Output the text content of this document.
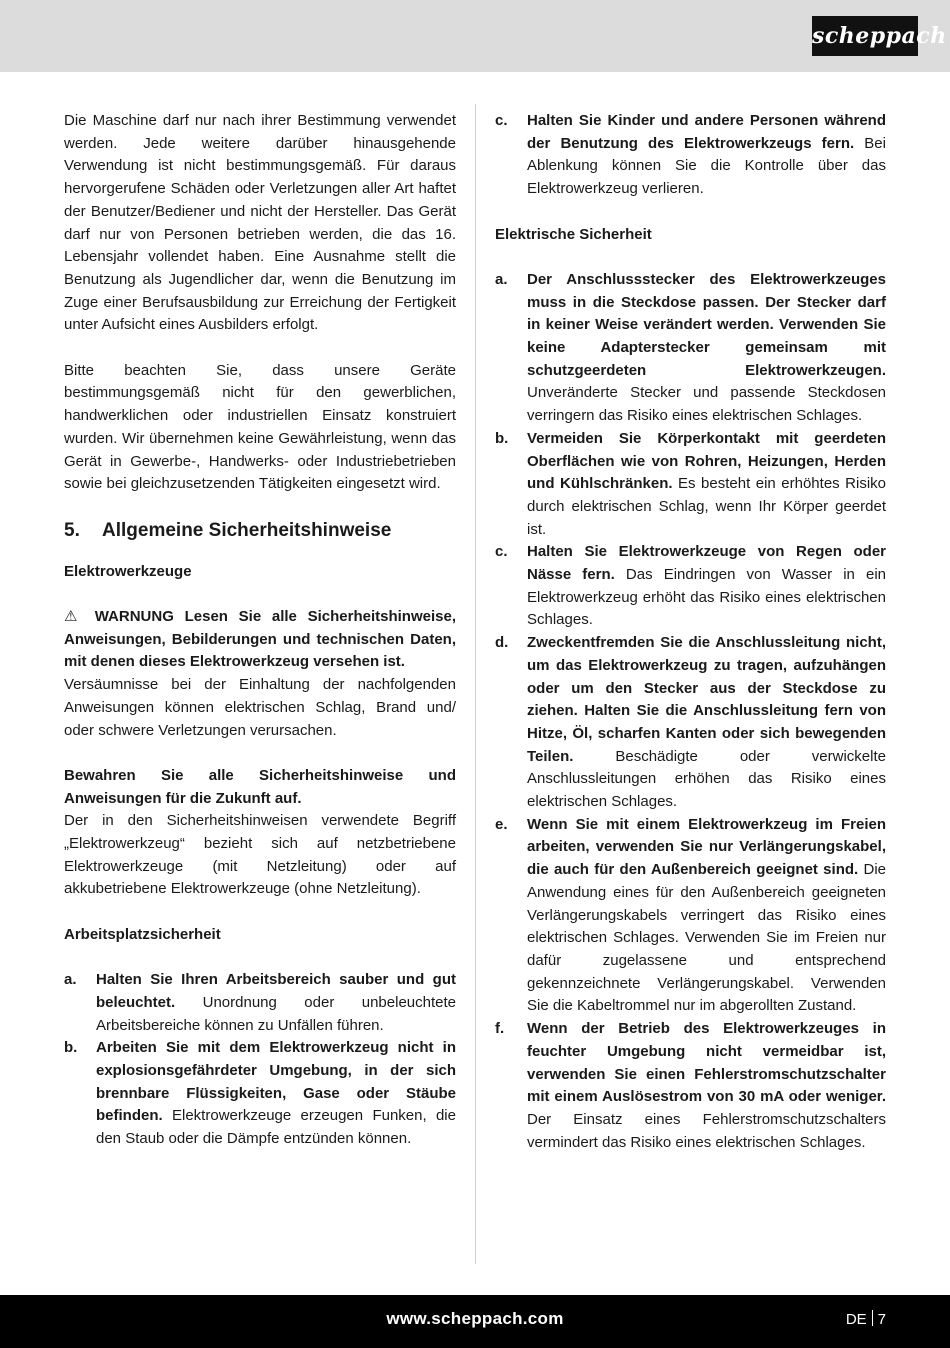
scheppach

Die Maschine darf nur nach ihrer Bestimmung verwendet werden. Jede weitere darüber hinausgehende Verwendung ist nicht bestimmungsgemäß. Für daraus hervorgerufene Schäden oder Verletzungen aller Art haftet der Benutzer/Bediener und nicht der Hersteller. Das Gerät darf nur von Personen betrieben werden, die das 16. Lebensjahr vollendet haben. Eine Ausnahme stellt die Benutzung als Jugendlicher dar, wenn die Benutzung im Zuge einer Berufsausbildung zur Erreichung der Fertigkeit unter Aufsicht eines Ausbilders erfolgt.

Bitte beachten Sie, dass unsere Geräte bestimmungsgemäß nicht für den gewerblichen, handwerklichen oder industriellen Einsatz konstruiert wurden. Wir übernehmen keine Gewährleistung, wenn das Gerät in Gewerbe-, Handwerks- oder Industriebetrieben sowie bei gleichzusetzenden Tätigkeiten eingesetzt wird.

5.	Allgemeine Sicherheitshinweise

Elektrowerkzeuge

⚠ WARNUNG Lesen Sie alle Sicherheitshinweise, Anweisungen, Bebilderungen und technischen Daten, mit denen dieses Elektrowerkzeug versehen ist.

Versäumnisse bei der Einhaltung der nachfolgenden Anweisungen können elektrischen Schlag, Brand und/ oder schwere Verletzungen verursachen.

Bewahren Sie alle Sicherheitshinweise und Anweisungen für die Zukunft auf.

Der in den Sicherheitshinweisen verwendete Begriff „Elektrowerkzeug“ bezieht sich auf netzbetriebene Elektrowerkzeuge (mit Netzleitung) oder auf akkubetriebene Elektrowerkzeuge (ohne Netzleitung).

Arbeitsplatzsicherheit

a.	Halten Sie Ihren Arbeitsbereich sauber und gut beleuchtet. Unordnung oder unbeleuchtete Arbeitsbereiche können zu Unfällen führen.
b.	Arbeiten Sie mit dem Elektrowerkzeug nicht in explosionsgefährdeter Umgebung, in der sich brennbare Flüssigkeiten, Gase oder Stäube befinden. Elektrowerkzeuge erzeugen Funken, die den Staub oder die Dämpfe entzünden können.
c.	Halten Sie Kinder und andere Personen während der Benutzung des Elektrowerkzeugs fern. Bei Ablenkung können Sie die Kontrolle über das Elektrowerkzeug verlieren.

Elektrische Sicherheit

a.	Der Anschlussstecker des Elektrowerkzeuges muss in die Steckdose passen. Der Stecker darf in keiner Weise verändert werden. Verwenden Sie keine Adapterstecker gemeinsam mit schutzgeerdeten Elektrowerkzeugen. Unveränderte Stecker und passende Steckdosen verringern das Risiko eines elektrischen Schlages.
b.	Vermeiden Sie Körperkontakt mit geerdeten Oberflächen wie von Rohren, Heizungen, Herden und Kühlschränken. Es besteht ein erhöhtes Risiko durch elektrischen Schlag, wenn Ihr Körper geerdet ist.
c.	Halten Sie Elektrowerkzeuge von Regen oder Nässe fern. Das Eindringen von Wasser in ein Elektrowerkzeug erhöht das Risiko eines elektrischen Schlages.
d.	Zweckentfremden Sie die Anschlussleitung nicht, um das Elektrowerkzeug zu tragen, aufzuhängen oder um den Stecker aus der Steckdose zu ziehen. Halten Sie die Anschlussleitung fern von Hitze, Öl, scharfen Kanten oder sich bewegenden Teilen. Beschädigte oder verwickelte Anschlussleitungen erhöhen das Risiko eines elektrischen Schlages.
e.	Wenn Sie mit einem Elektrowerkzeug im Freien arbeiten, verwenden Sie nur Verlängerungskabel, die auch für den Außenbereich geeignet sind. Die Anwendung eines für den Außenbereich geeigneten Verlängerungskabels verringert das Risiko eines elektrischen Schlages. Verwenden Sie im Freien nur dafür zugelassene und entsprechend gekennzeichnete Verlängerungskabel. Verwenden Sie die Kabeltrommel nur im abgerollten Zustand.
f.	Wenn der Betrieb des Elektrowerkzeuges in feuchter Umgebung nicht vermeidbar ist, verwenden Sie einen Fehlerstromschutzschalter mit einem Auslösestrom von 30 mA oder weniger. Der Einsatz eines Fehlerstromschutzschalters vermindert das Risiko eines elektrischen Schlages.
www.scheppach.com	DE 7
